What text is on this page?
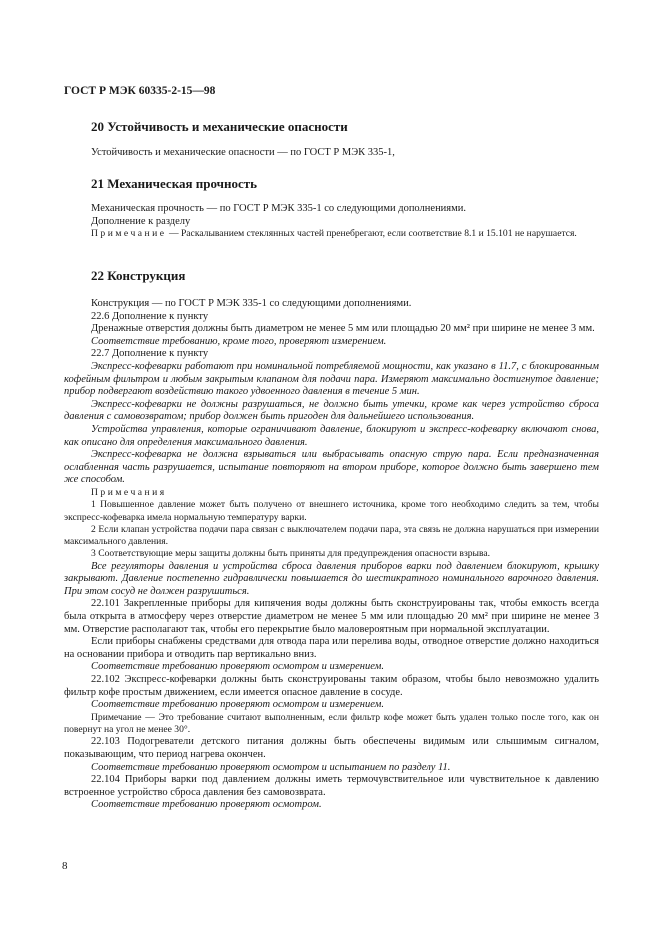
ГОСТ Р МЭК 60335-2-15—98
20 Устойчивость и механические опасности

Устойчивость и механические опасности — по ГОСТ Р МЭК 335-1,

21 Механическая прочность

Механическая прочность — по ГОСТ Р МЭК 335-1 со следующими дополнениями.

Дополнение к разделу

Примечание — Раскалыванием стеклянных частей пренебрегают, если соответствие 8.1 и 15.101 не нарушается.

22 Конструкция

Конструкция — по ГОСТ Р МЭК 335-1 со следующими дополнениями.

22.6 Дополнение к пункту

Дренажные отверстия должны быть диаметром не менее 5 мм или площадью 20 мм² при ширине не менее 3 мм.

Соответствие требованию, кроме того, проверяют измерением.

22.7 Дополнение к пункту

Экспресс-кофеварки работают при номинальной потребляемой мощности, как указано в 11.7, с блокированным кофейным фильтром и любым закрытым клапаном для подачи пара. Измеряют максимально достигнутое давление; прибор подвергают воздействию такого удвоенного давления в течение 5 мин.

Экспресс-кофеварки не должны разрушаться, не должно быть утечки, кроме как через устройство сброса давления с самовозвратом; прибор должен быть пригоден для дальнейшего использования.

Устройства управления, которые ограничивают давление, блокируют и экспресс-кофеварку включают снова, как описано для определения максимального давления.

Экспресс-кофеварка не должна взрываться или выбрасывать опасную струю пара. Если предназначенная ослабленная часть разрушается, испытание повторяют на втором приборе, которое должно быть завершено тем же способом.

Примечания

1 Повышенное давление может быть получено от внешнего источника, кроме того необходимо следить за тем, чтобы экспресс-кофеварка имела нормальную температуру варки.

2 Если клапан устройства подачи пара связан с выключателем подачи пара, эта связь не должна нарушаться при измерении максимального давления.

3 Соответствующие меры защиты должны быть приняты для предупреждения опасности взрыва.

Все регуляторы давления и устройства сброса давления приборов варки под давлением блокируют, крышку закрывают. Давление постепенно гидравлически повышается до шестикратного номинального варочного давления. При этом сосуд не должен разрушиться.

22.101 Закрепленные приборы для кипячения воды должны быть сконструированы так, чтобы емкость всегда была открыта в атмосферу через отверстие диаметром не менее 5 мм или площадью 20 мм² при ширине не менее 3 мм. Отверстие располагают так, чтобы его перекрытие было маловероятным при нормальной эксплуатации.

Если приборы снабжены средствами для отвода пара или перелива воды, отводное отверстие должно находиться на основании прибора и отводить пар вертикально вниз.

Соответствие требованию проверяют осмотром и измерением.

22.102 Экспресс-кофеварки должны быть сконструированы таким образом, чтобы было невозможно удалить фильтр кофе простым движением, если имеется опасное давление в сосуде.

Соответствие требованию проверяют осмотром и измерением.

Примечание — Это требование считают выполненным, если фильтр кофе может быть удален только после того, как он повернут на угол не менее 30°.

22.103 Подогреватели детского питания должны быть обеспечены видимым или слышимым сигналом, показывающим, что период нагрева окончен.

Соответствие требованию проверяют осмотром и испытанием по разделу 11.

22.104 Приборы варки под давлением должны иметь термочувствительное или чувствительное к давлению встроенное устройство сброса давления без самовозврата.

Соответствие требованию проверяют осмотром.

8
